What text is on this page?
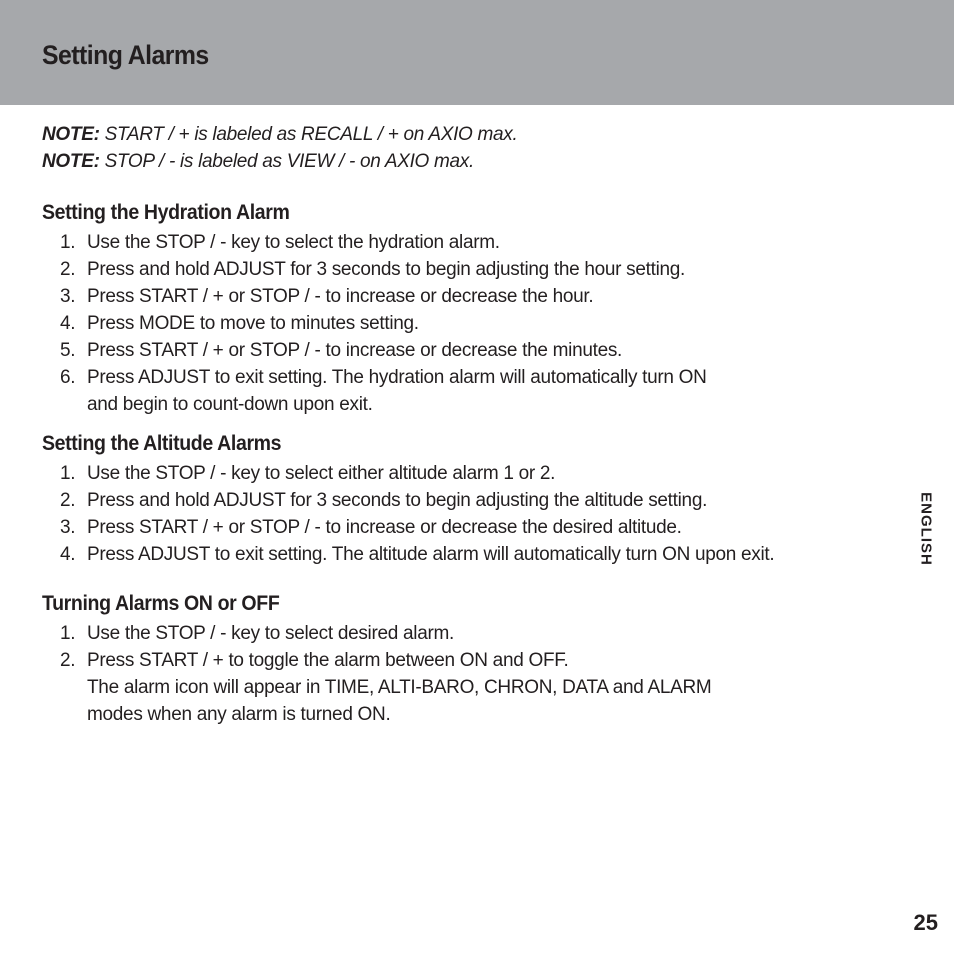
Setting Alarms
NOTE: START / + is labeled as RECALL / + on AXIO max.
NOTE: STOP / - is labeled as VIEW / - on AXIO max.
Setting the Hydration Alarm
1. Use the STOP / - key to select the hydration alarm.
2. Press and hold ADJUST for 3 seconds to begin adjusting the hour setting.
3. Press START / + or STOP / - to increase or decrease the hour.
4. Press MODE to move to minutes setting.
5. Press START / + or STOP / - to increase or decrease the minutes.
6. Press ADJUST to exit setting. The hydration alarm will automatically turn ON
and begin to count-down upon exit.
Setting the Altitude Alarms
1. Use the STOP / - key to select either altitude alarm 1 or 2.
2. Press and hold ADJUST for 3 seconds to begin adjusting the altitude setting.
3. Press START / + or STOP / - to increase or decrease the desired altitude.
4. Press ADJUST to exit setting. The altitude alarm will automatically turn ON upon exit.
Turning Alarms ON or OFF
1. Use the STOP / - key to select desired alarm.
2. Press START / + to toggle the alarm between ON and OFF.
The alarm icon will appear in TIME, ALTI-BARO, CHRON, DATA and ALARM
modes when any alarm is turned ON.
ENGLISH
25
